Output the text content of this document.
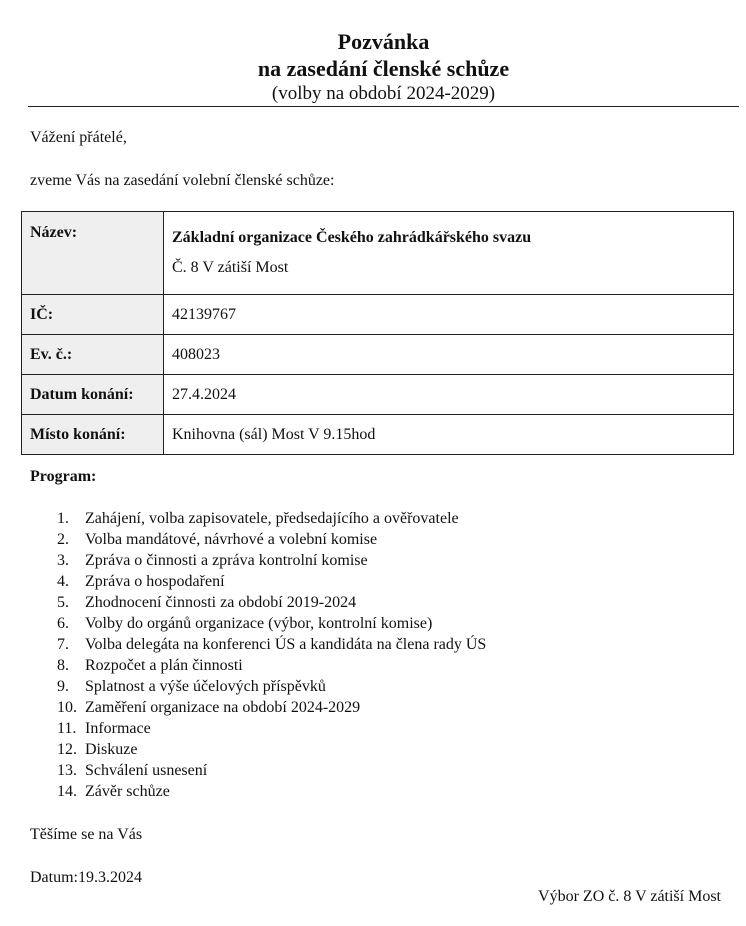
Pozvánka
na zasedání členské schůze
(volby na období 2024-2029)
Vážení přátelé,
zveme Vás na zasedání volební členské schůze:
Název:	Základní organizace Českého zahrádkářského svazu
Č. 8 V zátiší Most

IČ:	42139767
Ev. č.:	408023
Datum konání:	27.4.2024
Místo konání:	Knihovna (sál) Most V 9.15hod
Program:
1. Zahájení, volba zapisovatele, předsedajícího a ověřovatele
2. Volba mandátové, návrhové a volební komise
3. Zpráva o činnosti a zpráva kontrolní komise
4. Zpráva o hospodaření
5. Zhodnocení činnosti za období 2019-2024
6. Volby do orgánů organizace (výbor, kontrolní komise)
7. Volba delegáta na konferenci ÚS a kandidáta na člena rady ÚS
8. Rozpočet a plán činnosti
9. Splatnost a výše účelových příspěvků
10. Zaměření organizace na období 2024-2029
11. Informace
12. Diskuze
13. Schválení usnesení
14. Závěr schůze
Těšíme se na Vás
Datum:19.3.2024
Výbor ZO č. 8 V zátiší Most
